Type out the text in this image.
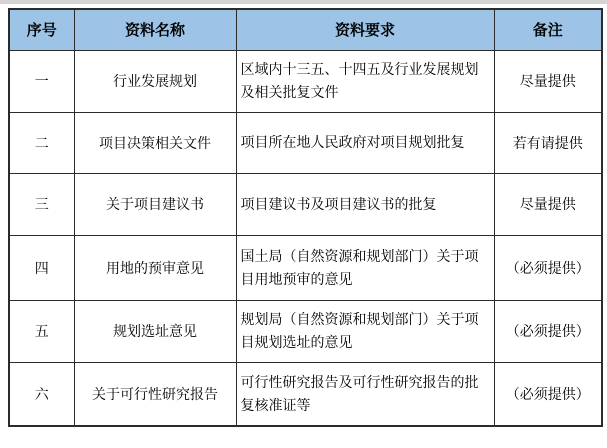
序号	资料名称	资料要求	备注
一	行业发展规划	区域内十三五、十四五及行业发展规划及相关批复文件	尽量提供
二	项目决策相关文件	项目所在地人民政府对项目规划批复	若有请提供
三	关于项目建议书	项目建议书及项目建议书的批复	尽量提供
四	用地的预审意见	国土局（自然资源和规划部门）关于项目用地预审的意见	（必须提供）
五	规划选址意见	规划局（自然资源和规划部门）关于项目规划选址的意见	（必须提供）
六	关于可行性研究报告	可行性研究报告及可行性研究报告的批复核准证等	（必须提供）
